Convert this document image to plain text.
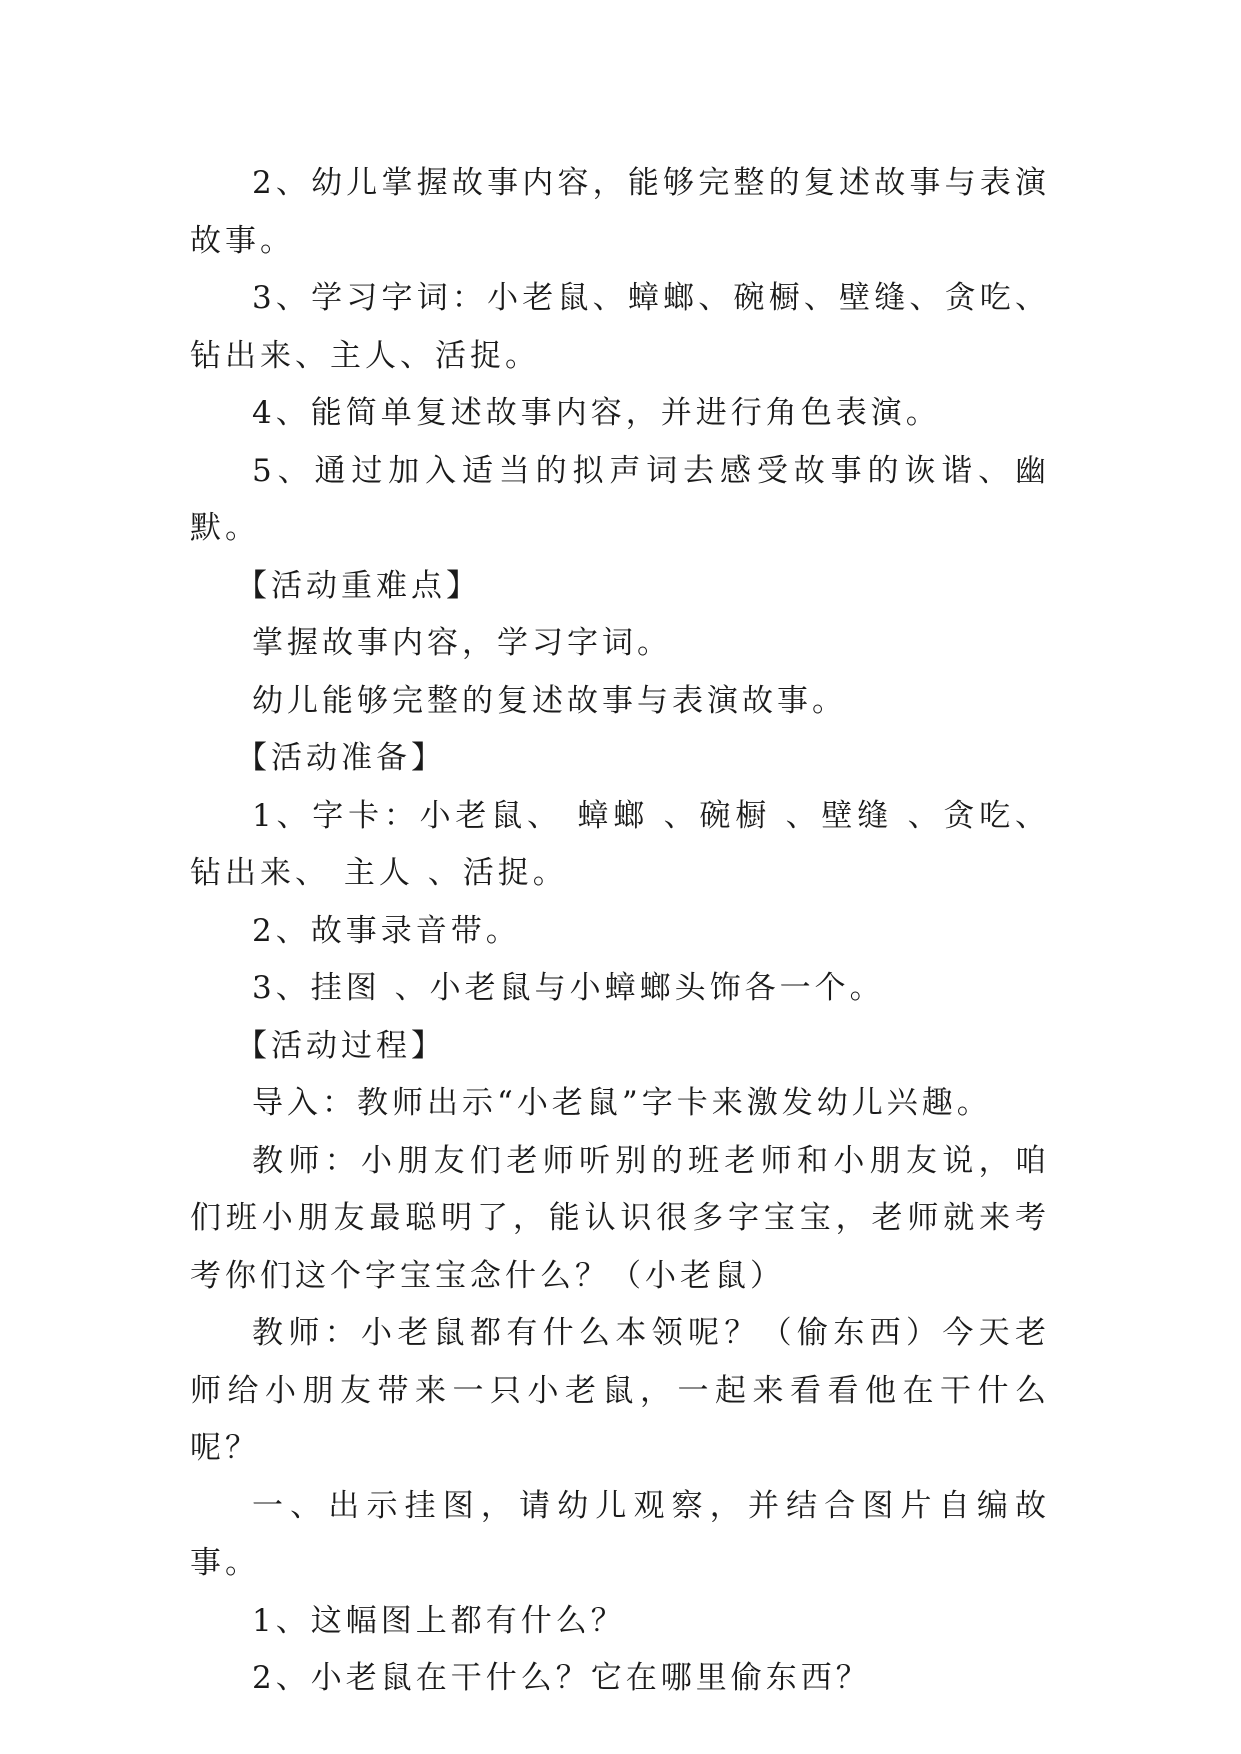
2、幼儿掌握故事内容，能够完整的复述故事与表演故事。

3、学习字词：小老鼠、蟑螂、碗橱、壁缝、贪吃、钻出来、主人、活捉。

4、能简单复述故事内容，并进行角色表演。

5、通过加入适当的拟声词去感受故事的诙谐、幽默。

【活动重难点】

掌握故事内容，学习字词。

幼儿能够完整的复述故事与表演故事。

【活动准备】

1、字卡：小老鼠、 蟑螂 、碗橱 、壁缝 、贪吃、 钻出来、 主人 、活捉。

2、故事录音带。

3、挂图 、小老鼠与小蟑螂头饰各一个。

【活动过程】

导入：教师出示“小老鼠”字卡来激发幼儿兴趣。

教师：小朋友们老师听别的班老师和小朋友说，咱们班小朋友最聪明了，能认识很多字宝宝，老师就来考考你们这个字宝宝念什么？（小老鼠）

教师：小老鼠都有什么本领呢？（偷东西）今天老师给小朋友带来一只小老鼠，一起来看看他在干什么呢？

一、出示挂图，请幼儿观察，并结合图片自编故事。

1、这幅图上都有什么？

2、小老鼠在干什么？它在哪里偷东西？
